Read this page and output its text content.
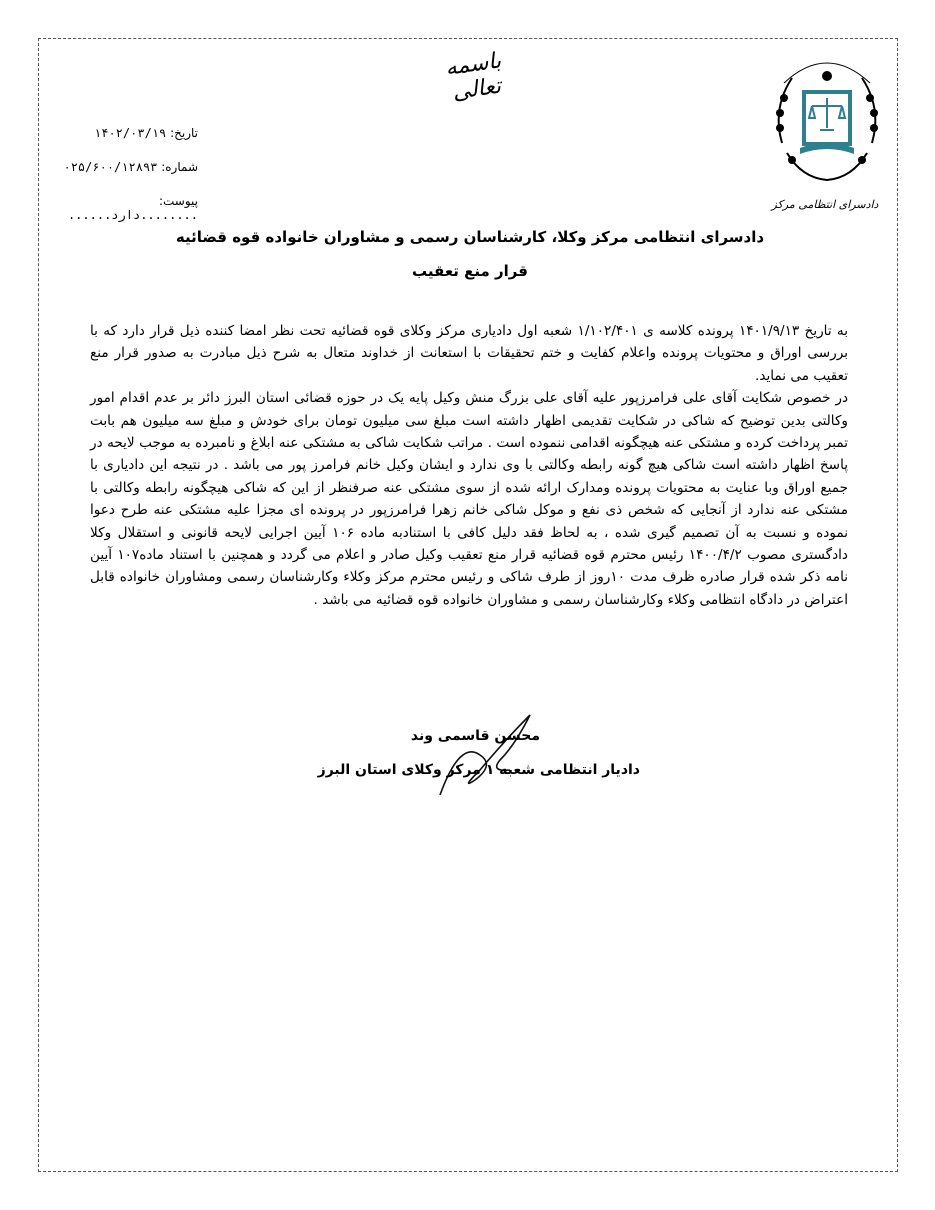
باسمه تعالی
دادسرای انتظامی مرکز
تاریخ: ۱۴۰۲/۰۳/۱۹
شماره: ۰۲۵/۶۰۰/۱۲۸۹۳
پیوست: ........دارد......
دادسرای انتظامی مرکز وکلا، کارشناسان رسمی و مشاوران خانواده قوه قضائیه
قرار منع تعقیب

به تاریخ ۱۴۰۱/۹/۱۳ پرونده کلاسه ی ۱/۱۰۲/۴۰۱ شعبه اول دادیاری مرکز وکلای قوه قضائیه تحت نظر امضا کننده ذیل قرار دارد که با بررسی اوراق و محتویات پرونده واعلام کفایت و ختم تحقیقات با استعانت از خداوند متعال به شرح ذیل مبادرت به صدور قرار منع تعقیب می نماید.

در خصوص شکایت آقای علی فرامرزپور علیه آقای علی بزرگ منش وکیل پایه یک در حوزه قضائی استان البرز دائر بر عدم اقدام امور وکالتی بدین توضیح که شاکی در شکایت تقدیمی اظهار داشته است مبلغ سی میلیون تومان برای خودش و مبلغ سه میلیون هم بابت تمبر پرداخت کرده و مشتکی عنه هیچگونه اقدامی ننموده است . مراتب شکایت شاکی به مشتکی عنه ابلاغ و نامبرده به موجب لایحه در پاسخ اظهار داشته است شاکی هیچ گونه رابطه وکالتی با وی ندارد و ایشان وکیل خانم فرامرز پور می باشد . در نتیجه این دادیاری با جمیع اوراق وبا عنایت به محتویات پرونده ومدارک ارائه شده از سوی مشتکی عنه صرفنظر از این که شاکی هیچگونه رابطه وکالتی با مشتکی عنه ندارد از آنجایی که شخص ذی نفع و موکل شاکی خانم زهرا فرامرزپور در پرونده ای مجزا علیه مشتکی عنه طرح دعوا نموده و نسبت به آن تصمیم گیری شده ، به لحاظ فقد دلیل کافی با استنادبه ماده ۱۰۶ آیین اجرایی لایحه قانونی و استقلال وکلا دادگستری مصوب ۱۴۰۰/۴/۲ رئیس محترم قوه قضائیه قرار منع تعقیب وکیل صادر و اعلام می گردد و همچنین با استناد ماده۱۰۷ آیین نامه ذکر شده قرار صادره ظرف مدت ۱۰روز از طرف شاکی و رئیس محترم مرکز وکلاء وکارشناسان رسمی ومشاوران خانواده قابل اعتراض در دادگاه انتظامی وکلاء وکارشناسان رسمی و مشاوران خانواده قوه قضائیه می باشد .

محسن قاسمی وند
دادیار انتظامی شعبه ۱ مرکز وکلای استان البرز
